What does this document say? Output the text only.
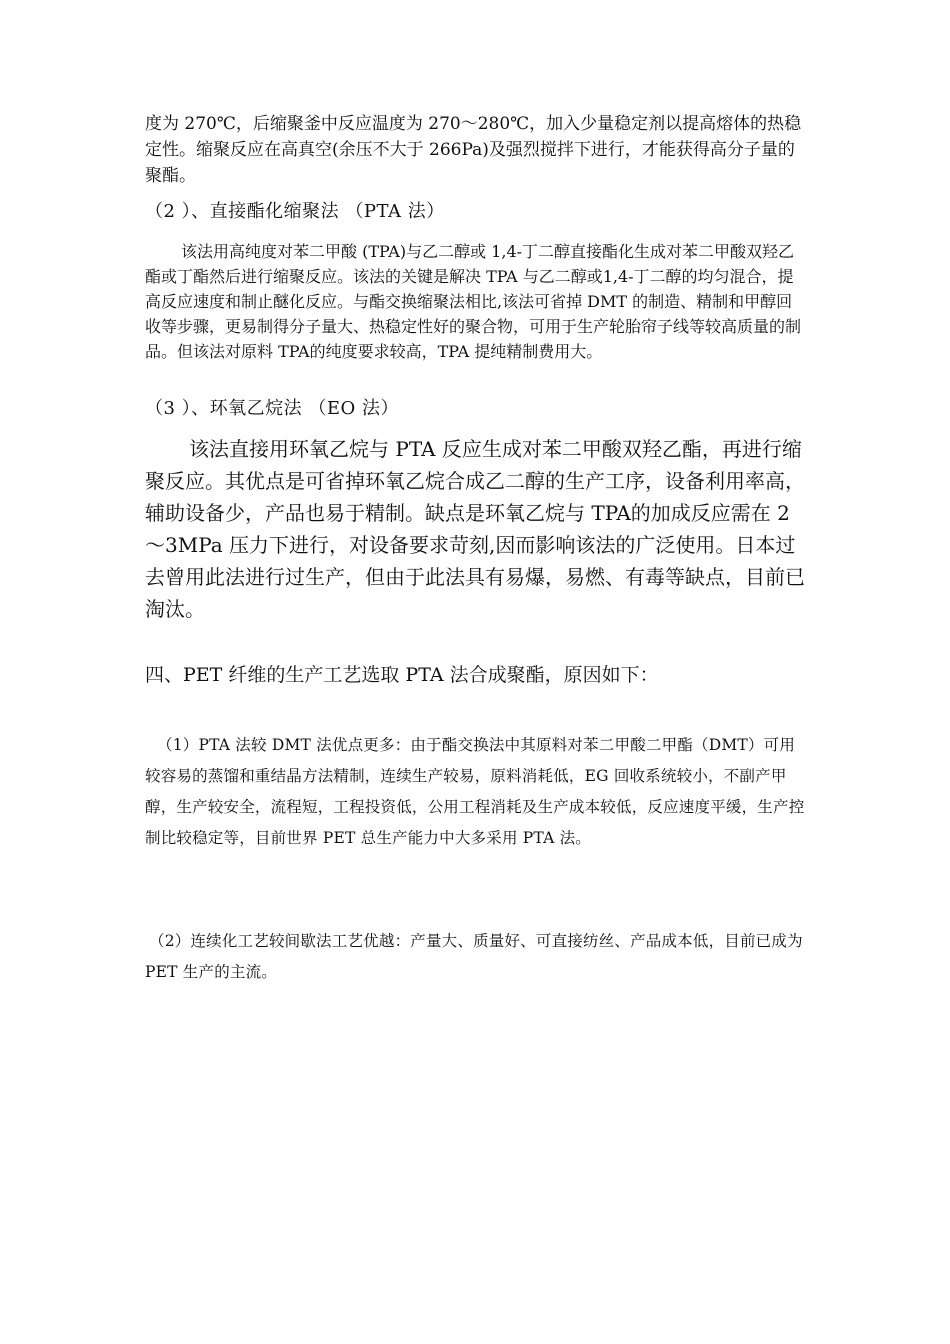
度为 270℃，后缩聚釜中反应温度为 270～280℃，加入少量稳定剂以提高熔体的热稳定性。缩聚反应在高真空(余压不大于 266Pa)及强烈搅拌下进行，才能获得高分子量的聚酯。

（2 ）、直接酯化缩聚法 （PTA 法）

该法用高纯度对苯二甲酸 (TPA)与乙二醇或 1,4-丁二醇直接酯化生成对苯二甲酸双羟乙酯或丁酯然后进行缩聚反应。该法的关键是解决 TPA 与乙二醇或1,4-丁二醇的均匀混合，提高反应速度和制止醚化反应。与酯交换缩聚法相比,该法可省掉 DMT 的制造、精制和甲醇回收等步骤，更易制得分子量大、热稳定性好的聚合物，可用于生产轮胎帘子线等较高质量的制品。但该法对原料 TPA的纯度要求较高，TPA 提纯精制费用大。

（3 ）、环氧乙烷法 （EO 法）

该法直接用环氧乙烷与 PTA 反应生成对苯二甲酸双羟乙酯，再进行缩聚反应。其优点是可省掉环氧乙烷合成乙二醇的生产工序，设备利用率高，辅助设备少，产品也易于精制。缺点是环氧乙烷与 TPA的加成反应需在 2～3MPa 压力下进行，对设备要求苛刻,因而影响该法的广泛使用。日本过去曾用此法进行过生产，但由于此法具有易爆，易燃、有毒等缺点，目前已淘汰。

四、PET 纤维的生产工艺选取 PTA 法合成聚酯，原因如下：

（1）PTA 法较 DMT 法优点更多：由于酯交换法中其原料对苯二甲酸二甲酯（DMT）可用较容易的蒸馏和重结晶方法精制，连续生产较易，原料消耗低，EG 回收系统较小，不副产甲醇，生产较安全，流程短，工程投资低，公用工程消耗及生产成本较低，反应速度平缓，生产控制比较稳定等，目前世界 PET 总生产能力中大多采用 PTA 法。

（2）连续化工艺较间歇法工艺优越：产量大、质量好、可直接纺丝、产品成本低，目前已成为 PET 生产的主流。
